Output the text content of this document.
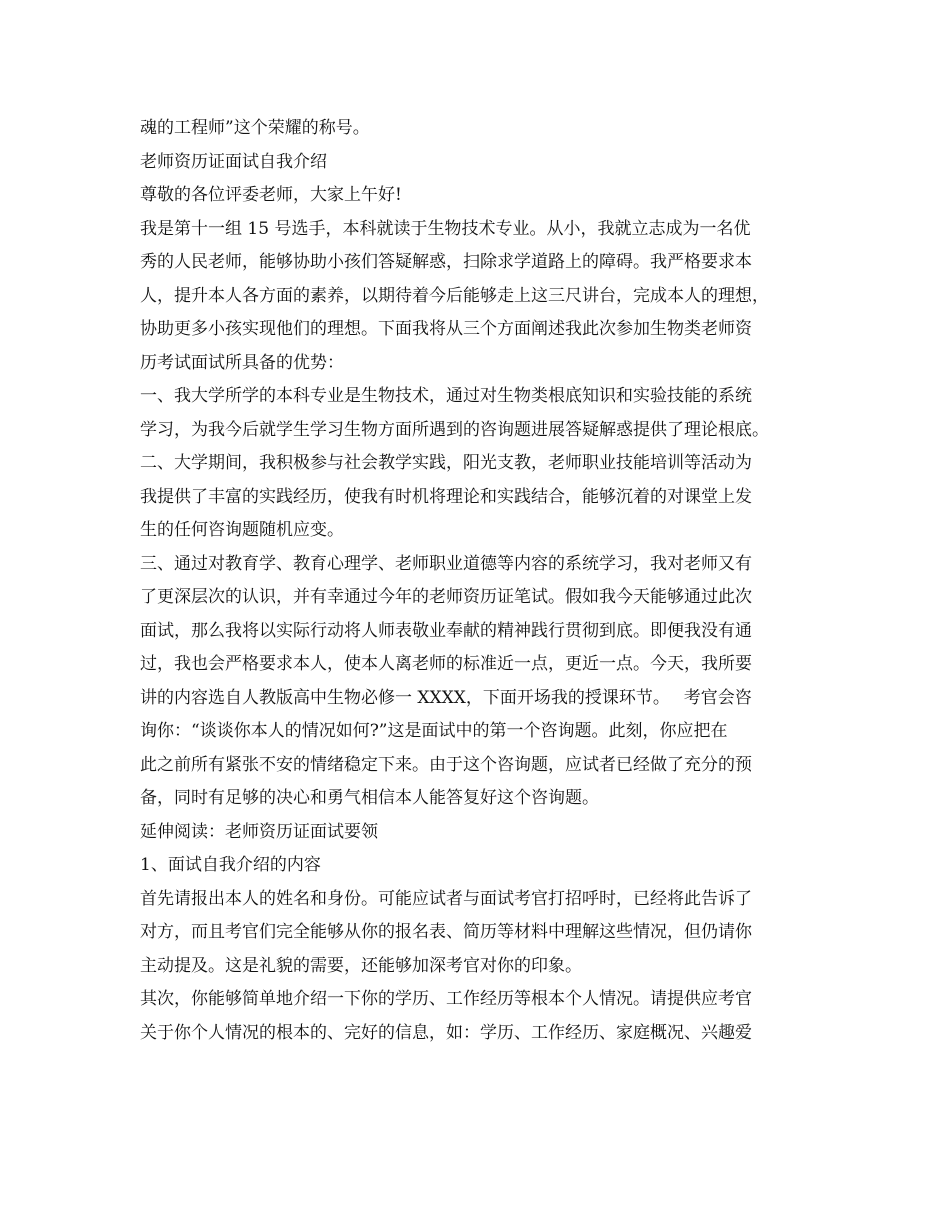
魂的工程师”这个荣耀的称号。
老师资历证面试自我介绍
尊敬的各位评委老师，大家上午好!
我是第十一组 15 号选手，本科就读于生物技术专业。从小，我就立志成为一名优
秀的人民老师，能够协助小孩们答疑解惑，扫除求学道路上的障碍。我严格要求本
人，提升本人各方面的素养，以期待着今后能够走上这三尺讲台，完成本人的理想，
协助更多小孩实现他们的理想。下面我将从三个方面阐述我此次参加生物类老师资
历考试面试所具备的优势：
一、我大学所学的本科专业是生物技术，通过对生物类根底知识和实验技能的系统
学习，为我今后就学生学习生物方面所遇到的咨询题进展答疑解惑提供了理论根底。
二、大学期间，我积极参与社会教学实践，阳光支教，老师职业技能培训等活动为
我提供了丰富的实践经历，使我有时机将理论和实践结合，能够沉着的对课堂上发
生的任何咨询题随机应变。
三、通过对教育学、教育心理学、老师职业道德等内容的系统学习，我对老师又有
了更深层次的认识，并有幸通过今年的老师资历证笔试。假如我今天能够通过此次
面试，那么我将以实际行动将人师表敬业奉献的精神践行贯彻到底。即便我没有通
过，我也会严格要求本人，使本人离老师的标准近一点，更近一点。今天，我所要
讲的内容选自人教版高中生物必修一 XXXX，下面开场我的授课环节。　 考官会咨
询你：“谈谈你本人的情况如何?”这是面试中的第一个咨询题。此刻，你应把在
此之前所有紧张不安的情绪稳定下来。由于这个咨询题，应试者已经做了充分的预
备，同时有足够的决心和勇气相信本人能答复好这个咨询题。
延伸阅读：老师资历证面试要领
1、面试自我介绍的内容
首先请报出本人的姓名和身份。可能应试者与面试考官打招呼时，已经将此告诉了
对方，而且考官们完全能够从你的报名表、简历等材料中理解这些情况，但仍请你
主动提及。这是礼貌的需要，还能够加深考官对你的印象。
其次，你能够简单地介绍一下你的学历、工作经历等根本个人情况。请提供应考官
关于你个人情况的根本的、完好的信息，如：学历、工作经历、家庭概况、兴趣爱
